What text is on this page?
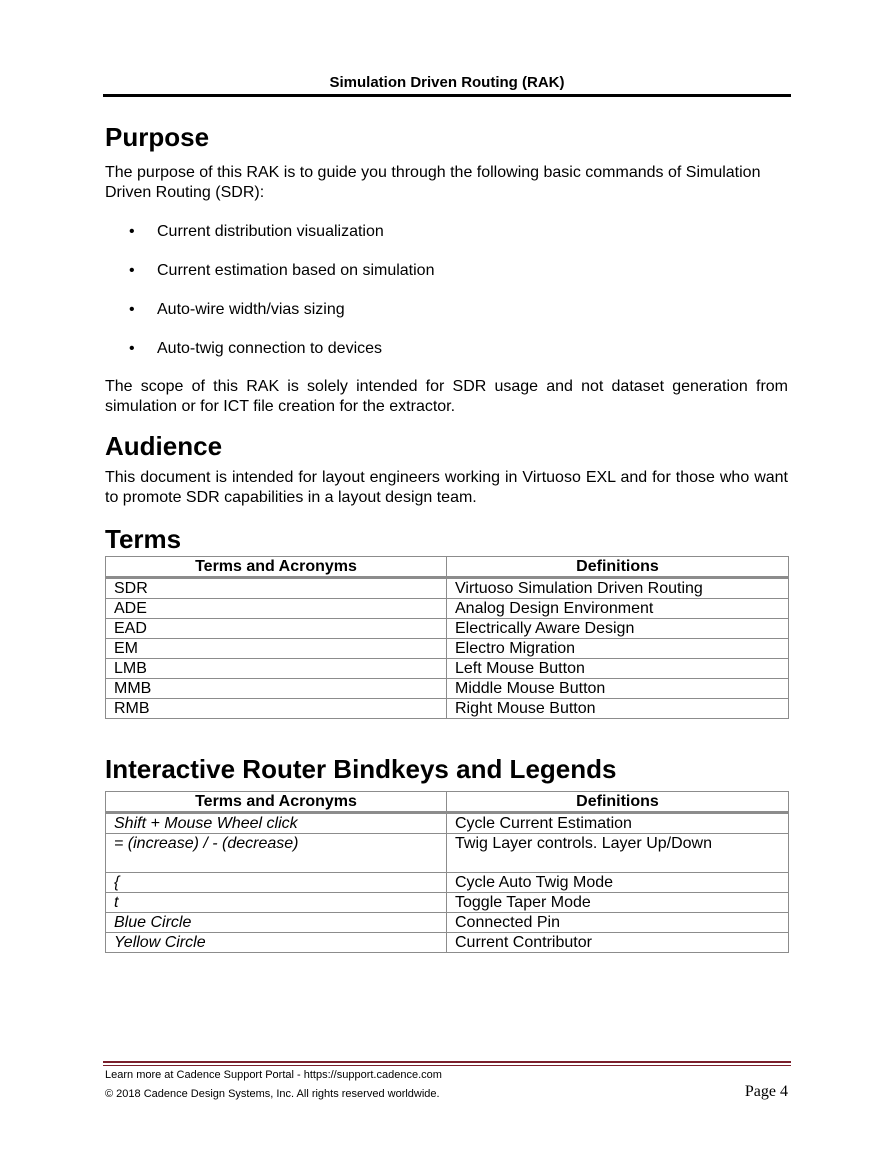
Simulation Driven Routing (RAK)
Purpose

The purpose of this RAK is to guide you through the following basic commands of Simulation Driven Routing (SDR):

• Current distribution visualization
• Current estimation based on simulation
• Auto-wire width/vias sizing
• Auto-twig connection to devices

The scope of this RAK is solely intended for SDR usage and not dataset generation from simulation or for ICT file creation for the extractor.

Audience

This document is intended for layout engineers working in Virtuoso EXL and for those who want to promote SDR capabilities in a layout design team.

Terms
Terms and Acronyms	Definitions
SDR	Virtuoso Simulation Driven Routing
ADE	Analog Design Environment
EAD	Electrically Aware Design
EM	Electro Migration
LMB	Left Mouse Button
MMB	Middle Mouse Button
RMB	Right Mouse Button
Interactive Router Bindkeys and Legends
Terms and Acronyms	Definitions
Shift + Mouse Wheel click	Cycle Current Estimation
= (increase) / - (decrease)	Twig Layer controls. Layer Up/Down
{	Cycle Auto Twig Mode
t	Toggle Taper Mode
Blue Circle	Connected Pin
Yellow Circle	Current Contributor
Learn more at Cadence Support Portal - https://support.cadence.com
© 2018 Cadence Design Systems, Inc. All rights reserved worldwide.	Page 4
